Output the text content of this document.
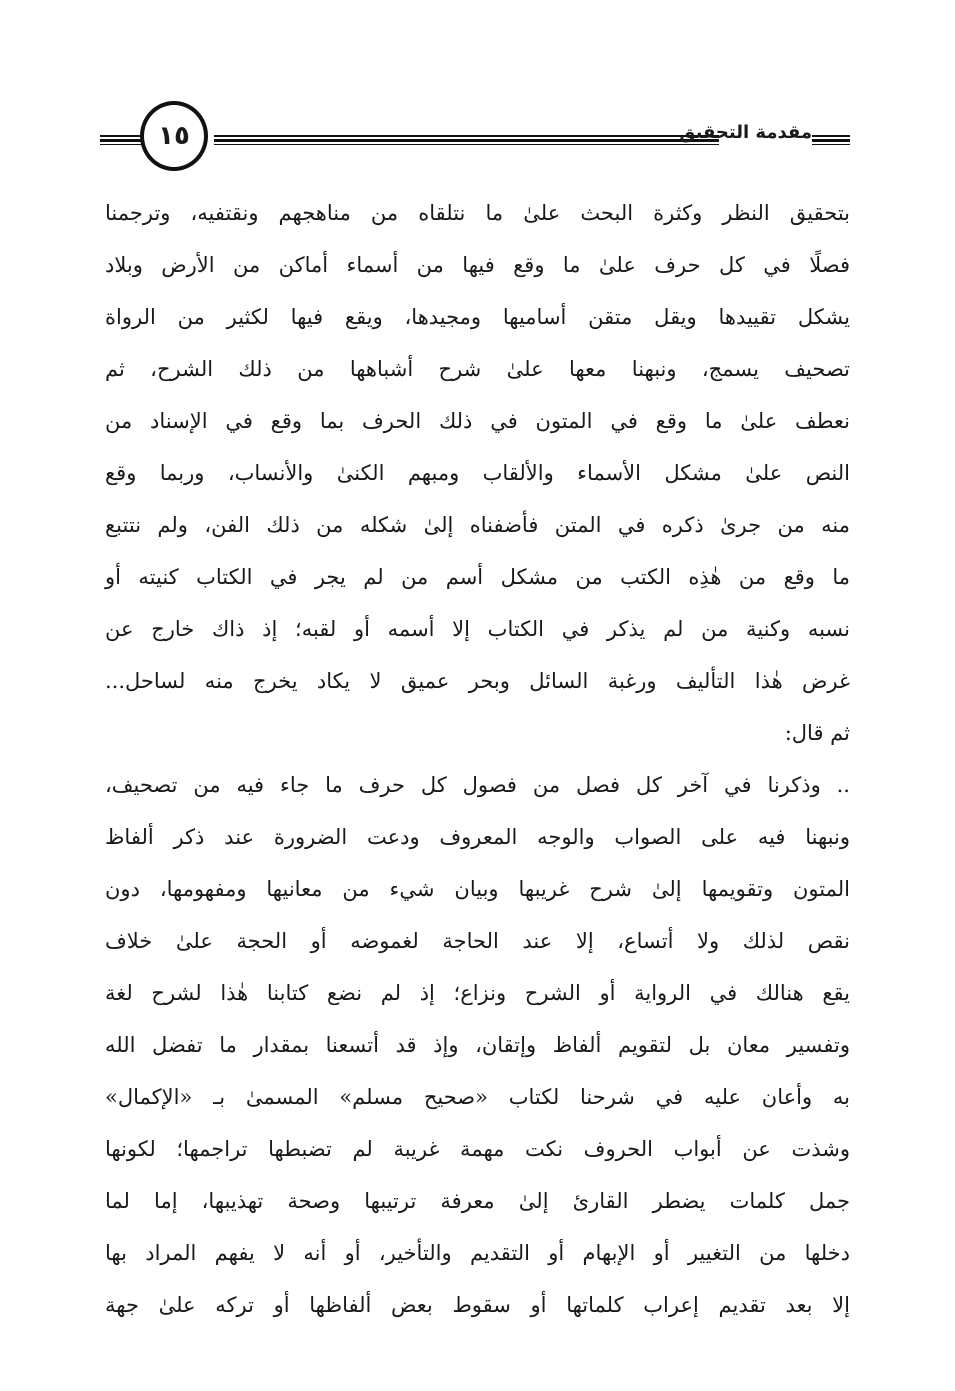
١٥	مقدمة التحقيق
بتحقيق النظر وكثرة البحث علىٰ ما نتلقاه من مناهجهم ونقتفيه، وترجمنا
فصلًا في كل حرف علىٰ ما وقع فيها من أسماء أماكن من الأرض وبلاد
يشكل تقييدها ويقل متقن أساميها ومجيدها، ويقع فيها لكثير من الرواة
تصحيف يسمج، ونبهنا معها علىٰ شرح أشباهها من ذلك الشرح، ثم
نعطف علىٰ ما وقع في المتون في ذلك الحرف بما وقع في الإسناد من
النص علىٰ مشكل الأسماء والألقاب ومبهم الكنىٰ والأنساب، وربما وقع
منه من جرىٰ ذكره في المتن فأضفناه إلىٰ شكله من ذلك الفن، ولم نتتبع
ما وقع من هٰذِه الكتب من مشكل أسم من لم يجر في الكتاب كنيته أو
نسبه وكنية من لم يذكر في الكتاب إلا أسمه أو لقبه؛ إذ ذاك خارج عن
غرض هٰذا التأليف ورغبة السائل وبحر عميق لا يكاد يخرج منه لساحل...
ثم قال:
.. وذكرنا في آخر كل فصل من فصول كل حرف ما جاء فيه من تصحيف،
ونبهنا فيه على الصواب والوجه المعروف ودعت الضرورة عند ذكر ألفاظ
المتون وتقويمها إلىٰ شرح غريبها وبيان شيء من معانيها ومفهومها، دون
نقص لذلك ولا أتساع، إلا عند الحاجة لغموضه أو الحجة علىٰ خلاف
يقع هنالك في الرواية أو الشرح ونزاع؛ إذ لم نضع كتابنا هٰذا لشرح لغة
وتفسير معان بل لتقويم ألفاظ وإتقان، وإذ قد أتسعنا بمقدار ما تفضل الله
به وأعان عليه في شرحنا لكتاب «صحيح مسلم» المسمىٰ بـ «الإكمال»
وشذت عن أبواب الحروف نكت مهمة غريبة لم تضبطها تراجمها؛ لكونها
جمل كلمات يضطر القارئ إلىٰ معرفة ترتيبها وصحة تهذيبها، إما لما
دخلها من التغيير أو الإبهام أو التقديم والتأخير، أو أنه لا يفهم المراد بها
إلا بعد تقديم إعراب كلماتها أو سقوط بعض ألفاظها أو تركه علىٰ جهة
